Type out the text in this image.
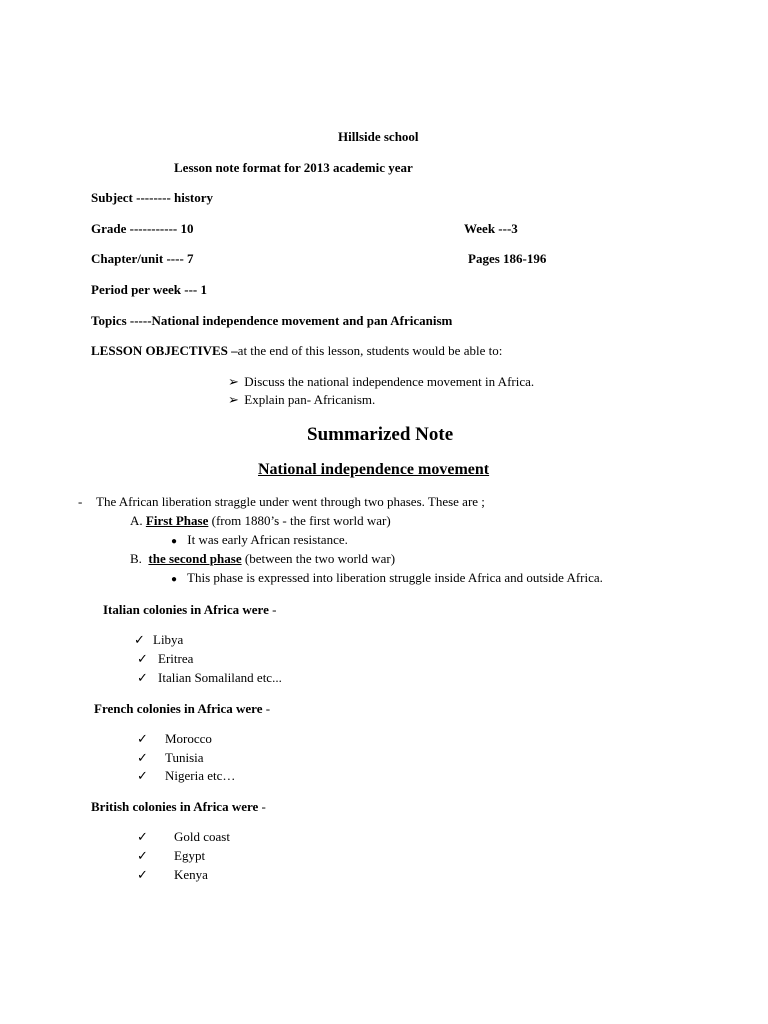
Hillside school
Lesson note format for 2013 academic year
Subject -------- history
Grade ----------- 10	Week ---3
Chapter/unit ---- 7	Pages 186-196
Period per week --- 1
Topics -----National independence movement and pan Africanism
LESSON OBJECTIVES –at the end of this lesson, students would be able to:
➢ Discuss the national independence movement in Africa.
➢ Explain pan- Africanism.
Summarized Note
National independence movement
- The African liberation straggle under went through two phases. These are ;
A. First Phase (from 1880’s - the first world war)
● It was early African resistance.
B. the second phase (between the two world war)
● This phase is expressed into liberation struggle inside Africa and outside Africa.
Italian colonies in Africa were -
✓ Libya
✓ Eritrea
✓ Italian Somaliland etc...
French colonies in Africa were -
✓ Morocco
✓ Tunisia
✓ Nigeria etc…
British colonies in Africa were -
✓ Gold coast
✓ Egypt
✓ Kenya
